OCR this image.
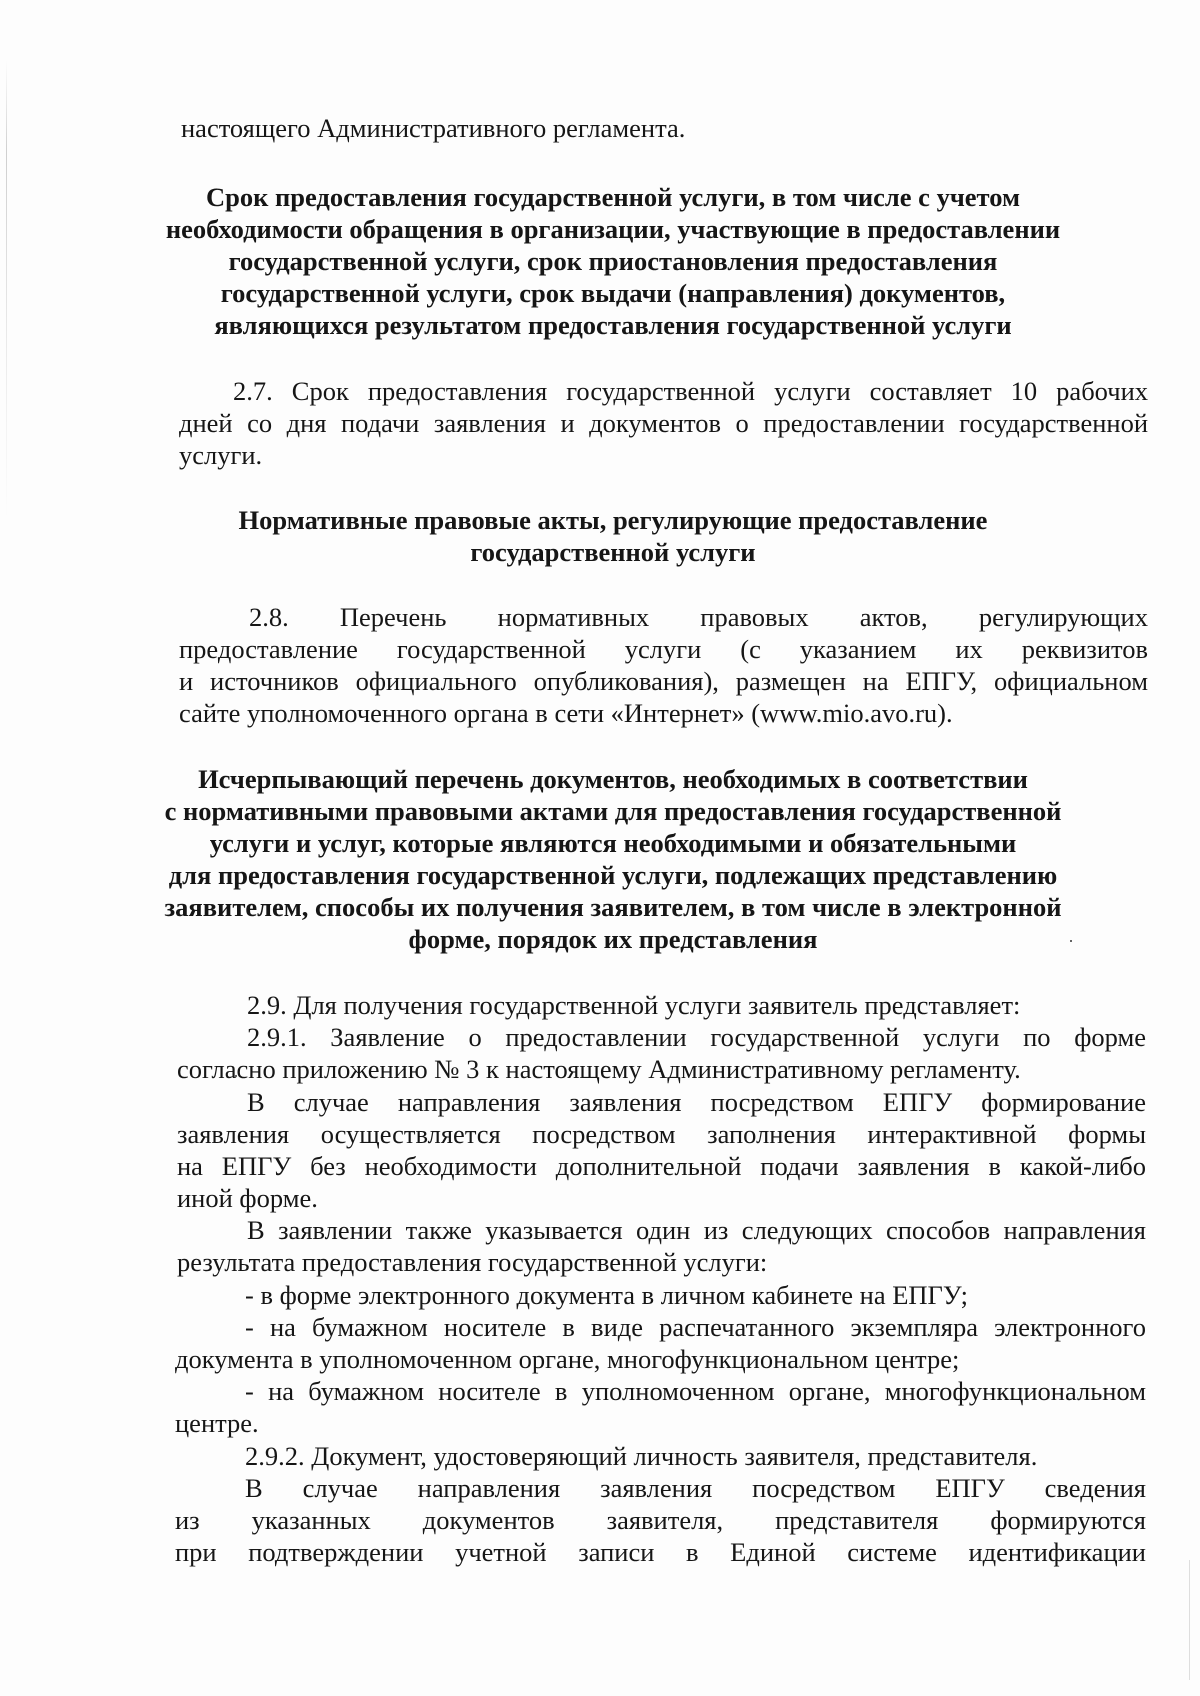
настоящего Административного регламента.
Срок предоставления государственной услуги, в том числе с учетом
необходимости обращения в организации, участвующие в предоставлении
государственной услуги, срок приостановления предоставления
государственной услуги, срок выдачи (направления) документов,
являющихся результатом предоставления государственной услуги
2.7. Срок предоставления государственной услуги составляет 10 рабочих
дней со дня подачи заявления и документов о предоставлении государственной
услуги.
Нормативные правовые акты, регулирующие предоставление
государственной услуги
2.8. Перечень нормативных правовых актов, регулирующих
предоставление государственной услуги (с указанием их реквизитов
и источников официального опубликования), размещен на ЕПГУ, официальном
сайте уполномоченного органа в сети «Интернет» (www.mio.avo.ru).
Исчерпывающий перечень документов, необходимых в соответствии
с нормативными правовыми актами для предоставления государственной
услуги и услуг, которые являются необходимыми и обязательными
для предоставления государственной услуги, подлежащих представлению
заявителем, способы их получения заявителем, в том числе в электронной
форме, порядок их представления
2.9. Для получения государственной услуги заявитель представляет:
2.9.1. Заявление о предоставлении государственной услуги по форме
согласно приложению № 3 к настоящему Административному регламенту.
В случае направления заявления посредством ЕПГУ формирование
заявления осуществляется посредством заполнения интерактивной формы
на ЕПГУ без необходимости дополнительной подачи заявления в какой-либо
иной форме.
В заявлении также указывается один из следующих способов направления
результата предоставления государственной услуги:
- в форме электронного документа в личном кабинете на ЕПГУ;
- на бумажном носителе в виде распечатанного экземпляра электронного
документа в уполномоченном органе, многофункциональном центре;
- на бумажном носителе в уполномоченном органе, многофункциональном
центре.
2.9.2. Документ, удостоверяющий личность заявителя, представителя.
В случае направления заявления посредством ЕПГУ сведения
из указанных документов заявителя, представителя формируются
при подтверждении учетной записи в Единой системе идентификации
